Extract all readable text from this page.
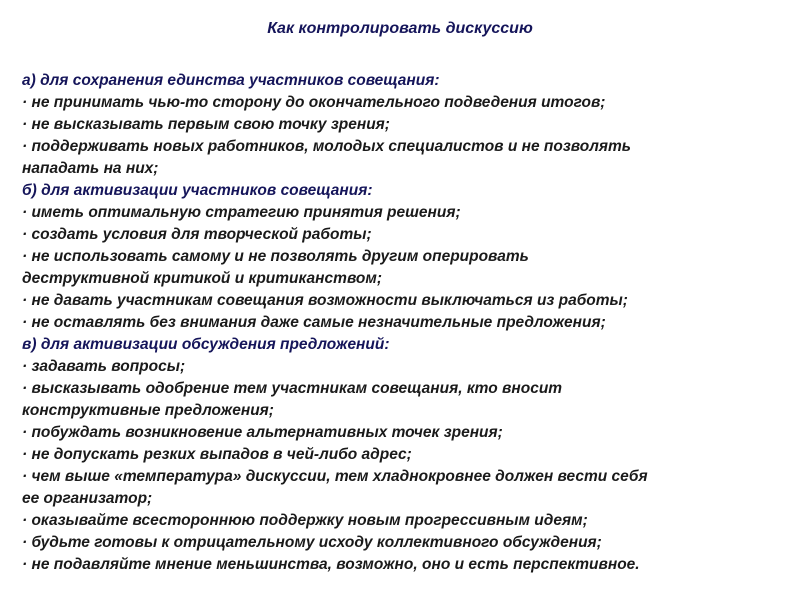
Как контролировать дискуссию
а) для сохранения единства участников совещания:
· не принимать чью-то сторону до окончательного подведения итогов;
· не высказывать первым свою точку зрения;
· поддерживать новых работников, молодых специалистов и не позволять
нападать на них;
б) для активизации участников совещания:
· иметь оптимальную стратегию принятия решения;
· создать условия для творческой работы;
· не использовать самому и не позволять другим оперировать
деструктивной критикой и критиканством;
· не давать участникам совещания возможности выключаться из работы;
· не оставлять без внимания даже самые незначительные предложения;
в) для активизации обсуждения предложений:
· задавать вопросы;
· высказывать одобрение тем участникам совещания, кто вносит
конструктивные предложения;
· побуждать возникновение альтернативных точек зрения;
· не допускать резких выпадов в чей-либо адрес;
· чем выше «температура» дискуссии, тем хладнокровнее должен вести себя
ее организатор;
· оказывайте всестороннюю поддержку новым прогрессивным идеям;
· будьте готовы к отрицательному исходу коллективного обсуждения;
· не подавляйте мнение меньшинства, возможно, оно и есть перспективное.
